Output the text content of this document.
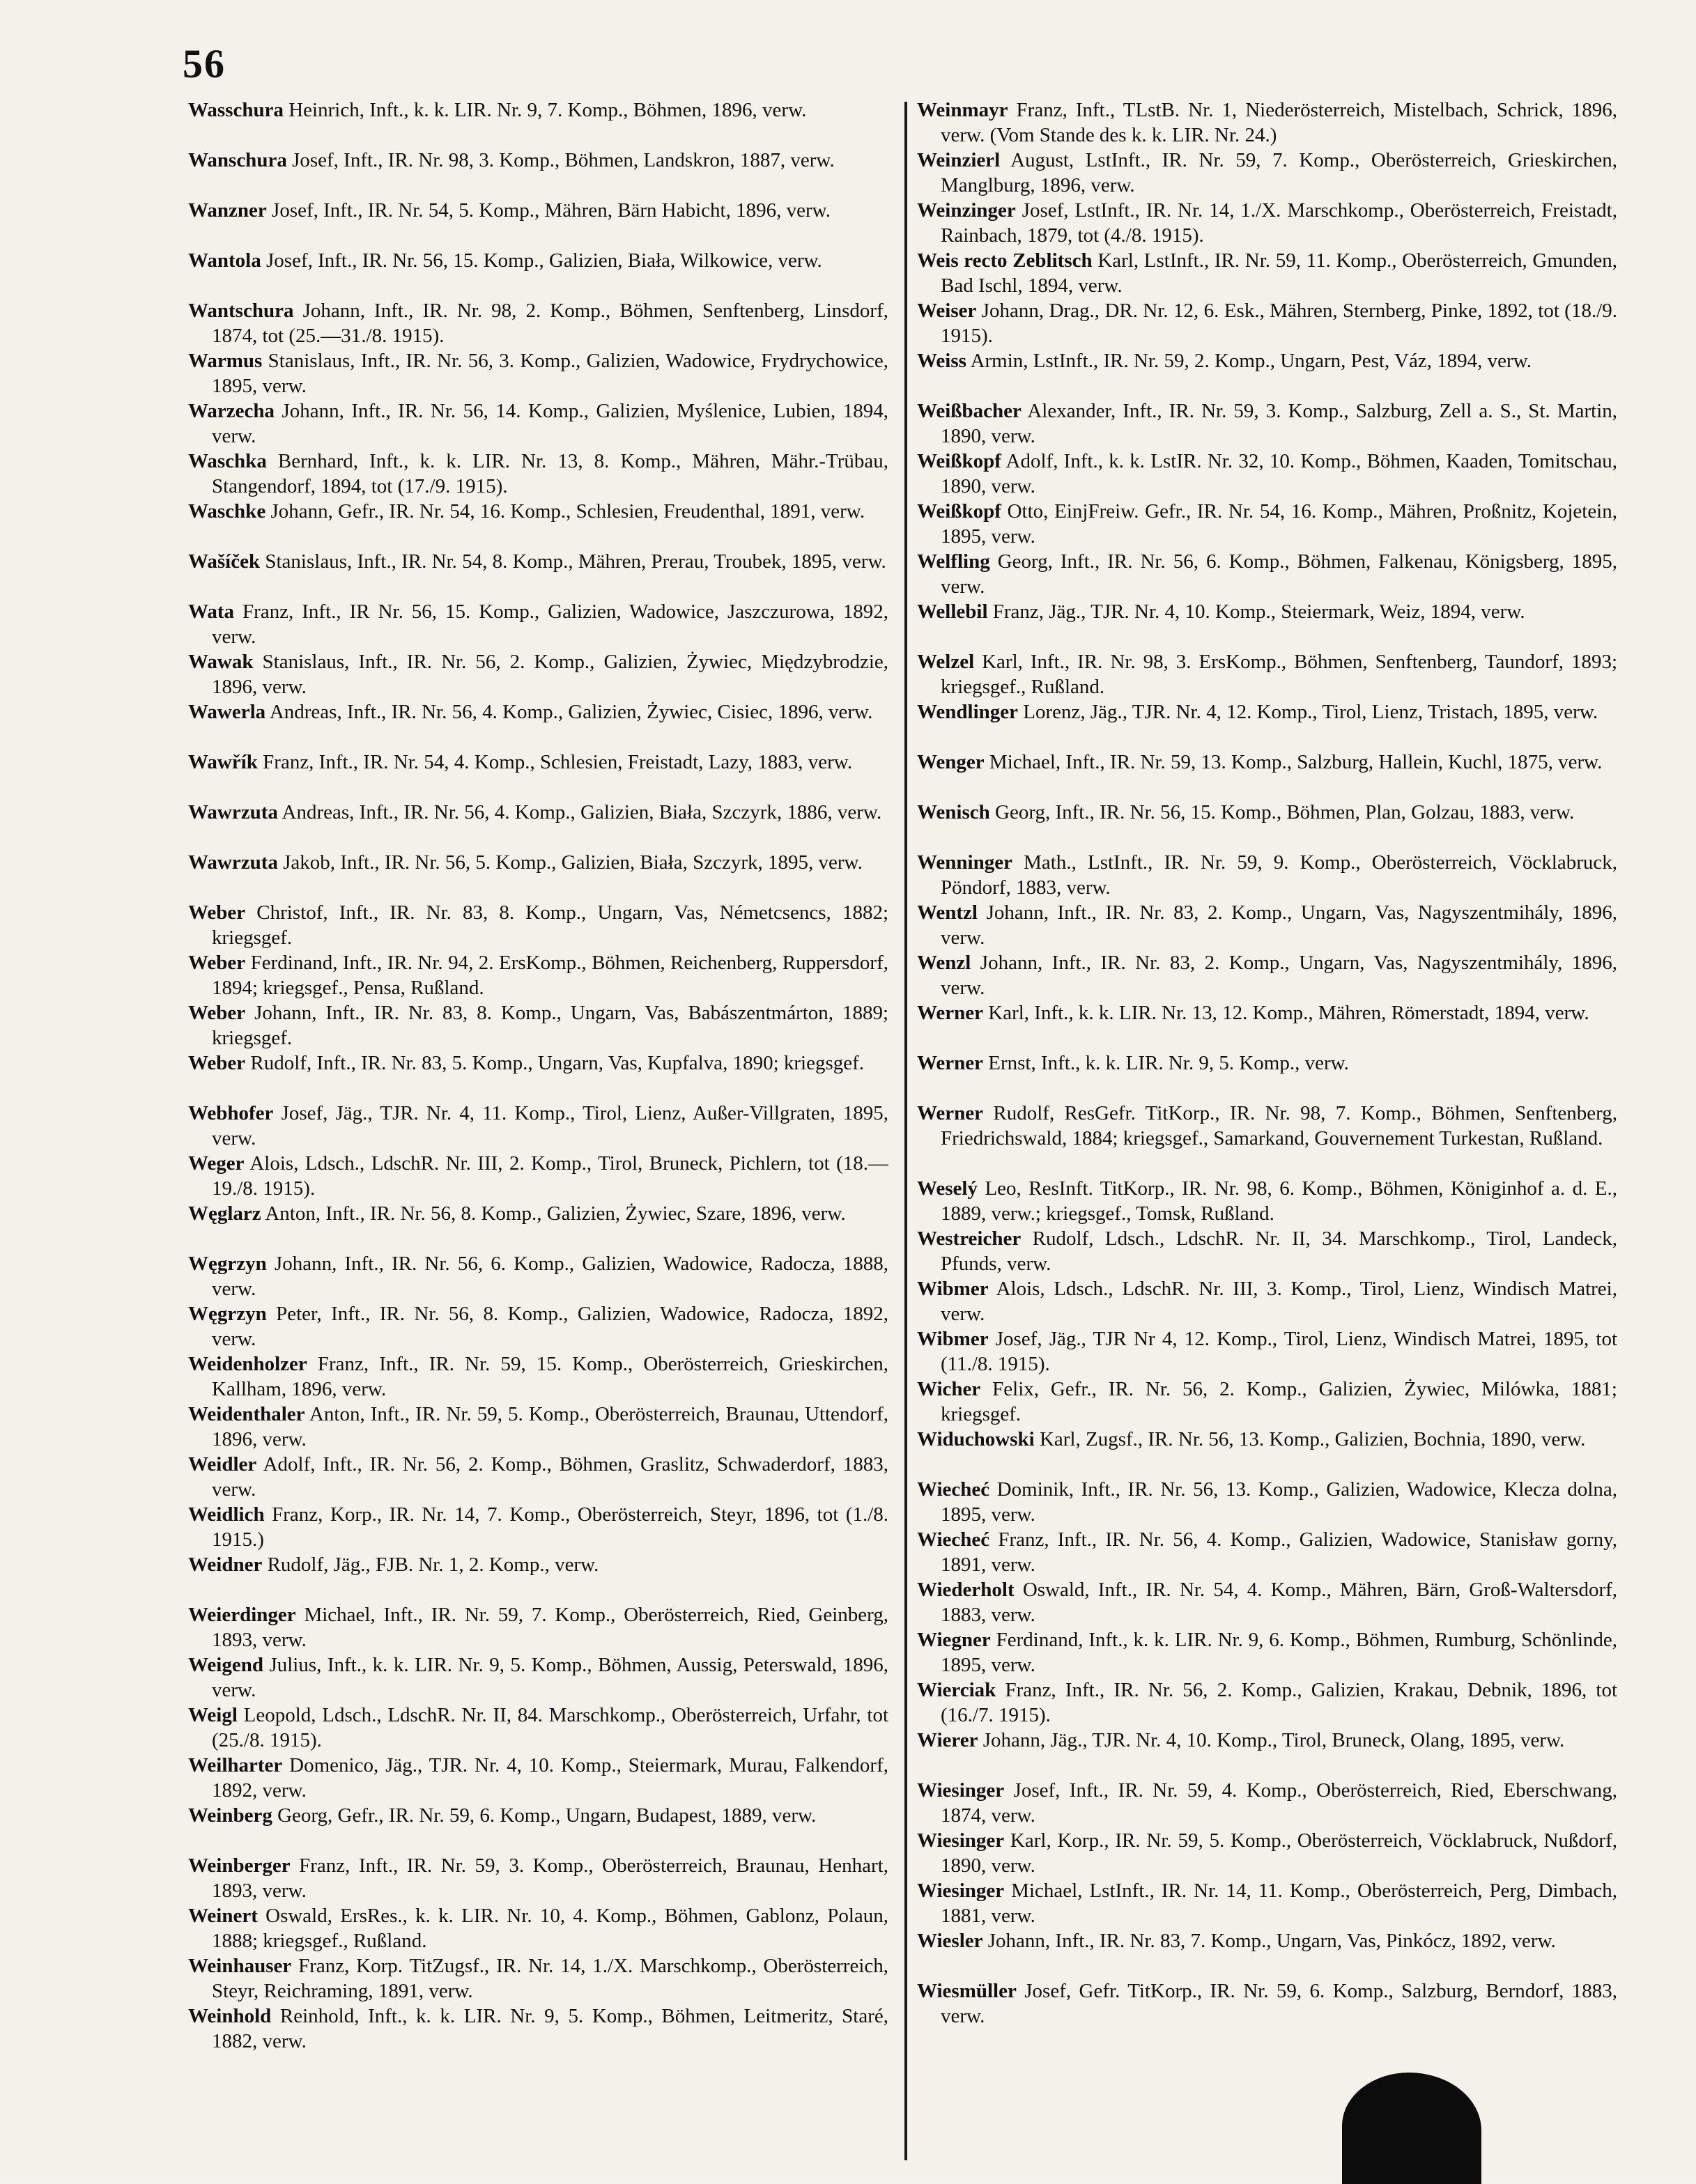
56

Wasschura Heinrich, Inft., k. k. LIR. Nr. 9, 7. Komp., Böhmen, 1896, verw.

Wanschura Josef, Inft., IR. Nr. 98, 3. Komp., Böhmen, Landskron, 1887, verw.

Wanzner Josef, Inft., IR. Nr. 54, 5. Komp., Mähren, Bärn Habicht, 1896, verw.

Wantola Josef, Inft., IR. Nr. 56, 15. Komp., Galizien, Biała, Wilkowice, verw.

Wantschura Johann, Inft., IR. Nr. 98, 2. Komp., Böhmen, Senftenberg, Linsdorf, 1874, tot (25.—31./8. 1915).

Warmus Stanislaus, Inft., IR. Nr. 56, 3. Komp., Galizien, Wadowice, Frydrychowice, 1895, verw.

Warzecha Johann, Inft., IR. Nr. 56, 14. Komp., Galizien, Myślenice, Lubien, 1894, verw.

Waschka Bernhard, Inft., k. k. LIR. Nr. 13, 8. Komp., Mähren, Mähr.-Trübau, Stangendorf, 1894, tot (17./9. 1915).

Waschke Johann, Gefr., IR. Nr. 54, 16. Komp., Schlesien, Freudenthal, 1891, verw.

Wašíček Stanislaus, Inft., IR. Nr. 54, 8. Komp., Mähren, Prerau, Troubek, 1895, verw.

Wata Franz, Inft., IR Nr. 56, 15. Komp., Galizien, Wadowice, Jaszczurowa, 1892, verw.

Wawak Stanislaus, Inft., IR. Nr. 56, 2. Komp., Galizien, Żywiec, Międzybrodzie, 1896, verw.

Wawerla Andreas, Inft., IR. Nr. 56, 4. Komp., Galizien, Żywiec, Cisiec, 1896, verw.

Wawřík Franz, Inft., IR. Nr. 54, 4. Komp., Schlesien, Freistadt, Lazy, 1883, verw.

Wawrzuta Andreas, Inft., IR. Nr. 56, 4. Komp., Galizien, Biała, Szczyrk, 1886, verw.

Wawrzuta Jakob, Inft., IR. Nr. 56, 5. Komp., Galizien, Biała, Szczyrk, 1895, verw.

Weber Christof, Inft., IR. Nr. 83, 8. Komp., Ungarn, Vas, Németcsencs, 1882; kriegsgef.

Weber Ferdinand, Inft., IR. Nr. 94, 2. ErsKomp., Böhmen, Reichenberg, Ruppersdorf, 1894; kriegsgef., Pensa, Rußland.

Weber Johann, Inft., IR. Nr. 83, 8. Komp., Ungarn, Vas, Babászentmárton, 1889; kriegsgef.

Weber Rudolf, Inft., IR. Nr. 83, 5. Komp., Ungarn, Vas, Kupfalva, 1890; kriegsgef.

Webhofer Josef, Jäg., TJR. Nr. 4, 11. Komp., Tirol, Lienz, Außer-Villgraten, 1895, verw.

Weger Alois, Ldsch., LdschR. Nr. III, 2. Komp., Tirol, Bruneck, Pichlern, tot (18.—19./8. 1915).

Węglarz Anton, Inft., IR. Nr. 56, 8. Komp., Galizien, Żywiec, Szare, 1896, verw.

Węgrzyn Johann, Inft., IR. Nr. 56, 6. Komp., Galizien, Wadowice, Radocza, 1888, verw.

Węgrzyn Peter, Inft., IR. Nr. 56, 8. Komp., Galizien, Wadowice, Radocza, 1892, verw.

Weidenholzer Franz, Inft., IR. Nr. 59, 15. Komp., Oberösterreich, Grieskirchen, Kallham, 1896, verw.

Weidenthaler Anton, Inft., IR. Nr. 59, 5. Komp., Oberösterreich, Braunau, Uttendorf, 1896, verw.

Weidler Adolf, Inft., IR. Nr. 56, 2. Komp., Böhmen, Graslitz, Schwaderdorf, 1883, verw.

Weidlich Franz, Korp., IR. Nr. 14, 7. Komp., Oberösterreich, Steyr, 1896, tot (1./8. 1915.)

Weidner Rudolf, Jäg., FJB. Nr. 1, 2. Komp., verw.

Weierdinger Michael, Inft., IR. Nr. 59, 7. Komp., Oberösterreich, Ried, Geinberg, 1893, verw.

Weigend Julius, Inft., k. k. LIR. Nr. 9, 5. Komp., Böhmen, Aussig, Peterswald, 1896, verw.

Weigl Leopold, Ldsch., LdschR. Nr. II, 84. Marschkomp., Oberösterreich, Urfahr, tot (25./8. 1915).

Weilharter Domenico, Jäg., TJR. Nr. 4, 10. Komp., Steiermark, Murau, Falkendorf, 1892, verw.

Weinberg Georg, Gefr., IR. Nr. 59, 6. Komp., Ungarn, Budapest, 1889, verw.

Weinberger Franz, Inft., IR. Nr. 59, 3. Komp., Oberösterreich, Braunau, Henhart, 1893, verw.

Weinert Oswald, ErsRes., k. k. LIR. Nr. 10, 4. Komp., Böhmen, Gablonz, Polaun, 1888; kriegsgef., Rußland.

Weinhauser Franz, Korp. TitZugsf., IR. Nr. 14, 1./X. Marschkomp., Oberösterreich, Steyr, Reichraming, 1891, verw.

Weinhold Reinhold, Inft., k. k. LIR. Nr. 9, 5. Komp., Böhmen, Leitmeritz, Staré, 1882, verw.

Weinmayr Franz, Inft., TLstB. Nr. 1, Niederösterreich, Mistelbach, Schrick, 1896, verw. (Vom Stande des k. k. LIR. Nr. 24.)

Weinzierl August, LstInft., IR. Nr. 59, 7. Komp., Oberösterreich, Grieskirchen, Manglburg, 1896, verw.

Weinzinger Josef, LstInft., IR. Nr. 14, 1./X. Marschkomp., Oberösterreich, Freistadt, Rainbach, 1879, tot (4./8. 1915).

Weis recto Zeblitsch Karl, LstInft., IR. Nr. 59, 11. Komp., Oberösterreich, Gmunden, Bad Ischl, 1894, verw.

Weiser Johann, Drag., DR. Nr. 12, 6. Esk., Mähren, Sternberg, Pinke, 1892, tot (18./9. 1915).

Weiss Armin, LstInft., IR. Nr. 59, 2. Komp., Ungarn, Pest, Váz, 1894, verw.

Weißbacher Alexander, Inft., IR. Nr. 59, 3. Komp., Salzburg, Zell a. S., St. Martin, 1890, verw.

Weißkopf Adolf, Inft., k. k. LstIR. Nr. 32, 10. Komp., Böhmen, Kaaden, Tomitschau, 1890, verw.

Weißkopf Otto, EinjFreiw. Gefr., IR. Nr. 54, 16. Komp., Mähren, Proßnitz, Kojetein, 1895, verw.

Welfling Georg, Inft., IR. Nr. 56, 6. Komp., Böhmen, Falkenau, Königsberg, 1895, verw.

Wellebil Franz, Jäg., TJR. Nr. 4, 10. Komp., Steiermark, Weiz, 1894, verw.

Welzel Karl, Inft., IR. Nr. 98, 3. ErsKomp., Böhmen, Senftenberg, Taundorf, 1893; kriegsgef., Rußland.

Wendlinger Lorenz, Jäg., TJR. Nr. 4, 12. Komp., Tirol, Lienz, Tristach, 1895, verw.

Wenger Michael, Inft., IR. Nr. 59, 13. Komp., Salzburg, Hallein, Kuchl, 1875, verw.

Wenisch Georg, Inft., IR. Nr. 56, 15. Komp., Böhmen, Plan, Golzau, 1883, verw.

Wenninger Math., LstInft., IR. Nr. 59, 9. Komp., Oberösterreich, Vöcklabruck, Pöndorf, 1883, verw.

Wentzl Johann, Inft., IR. Nr. 83, 2. Komp., Ungarn, Vas, Nagyszentmihály, 1896, verw.

Wenzl Johann, Inft., IR. Nr. 83, 2. Komp., Ungarn, Vas, Nagyszentmihály, 1896, verw.

Werner Karl, Inft., k. k. LIR. Nr. 13, 12. Komp., Mähren, Römerstadt, 1894, verw.

Werner Ernst, Inft., k. k. LIR. Nr. 9, 5. Komp., verw.

Werner Rudolf, ResGefr. TitKorp., IR. Nr. 98, 7. Komp., Böhmen, Senftenberg, Friedrichswald, 1884; kriegsgef., Samarkand, Gouvernement Turkestan, Rußland.

Weselý Leo, ResInft. TitKorp., IR. Nr. 98, 6. Komp., Böhmen, Königinhof a. d. E., 1889, verw.; kriegsgef., Tomsk, Rußland.

Westreicher Rudolf, Ldsch., LdschR. Nr. II, 34. Marschkomp., Tirol, Landeck, Pfunds, verw.

Wibmer Alois, Ldsch., LdschR. Nr. III, 3. Komp., Tirol, Lienz, Windisch Matrei, verw.

Wibmer Josef, Jäg., TJR Nr 4, 12. Komp., Tirol, Lienz, Windisch Matrei, 1895, tot (11./8. 1915).

Wicher Felix, Gefr., IR. Nr. 56, 2. Komp., Galizien, Żywiec, Milówka, 1881; kriegsgef.

Widuchowski Karl, Zugsf., IR. Nr. 56, 13. Komp., Galizien, Bochnia, 1890, verw.

Wiecheć Dominik, Inft., IR. Nr. 56, 13. Komp., Galizien, Wadowice, Klecza dolna, 1895, verw.

Wiecheć Franz, Inft., IR. Nr. 56, 4. Komp., Galizien, Wadowice, Stanisław gorny, 1891, verw.

Wiederholt Oswald, Inft., IR. Nr. 54, 4. Komp., Mähren, Bärn, Groß-Waltersdorf, 1883, verw.

Wiegner Ferdinand, Inft., k. k. LIR. Nr. 9, 6. Komp., Böhmen, Rumburg, Schönlinde, 1895, verw.

Wierciak Franz, Inft., IR. Nr. 56, 2. Komp., Galizien, Krakau, Debnik, 1896, tot (16./7. 1915).

Wierer Johann, Jäg., TJR. Nr. 4, 10. Komp., Tirol, Bruneck, Olang, 1895, verw.

Wiesinger Josef, Inft., IR. Nr. 59, 4. Komp., Oberösterreich, Ried, Eberschwang, 1874, verw.

Wiesinger Karl, Korp., IR. Nr. 59, 5. Komp., Oberösterreich, Vöcklabruck, Nußdorf, 1890, verw.

Wiesinger Michael, LstInft., IR. Nr. 14, 11. Komp., Oberösterreich, Perg, Dimbach, 1881, verw.

Wiesler Johann, Inft., IR. Nr. 83, 7. Komp., Ungarn, Vas, Pinkócz, 1892, verw.

Wiesmüller Josef, Gefr. TitKorp., IR. Nr. 59, 6. Komp., Salzburg, Berndorf, 1883, verw.
